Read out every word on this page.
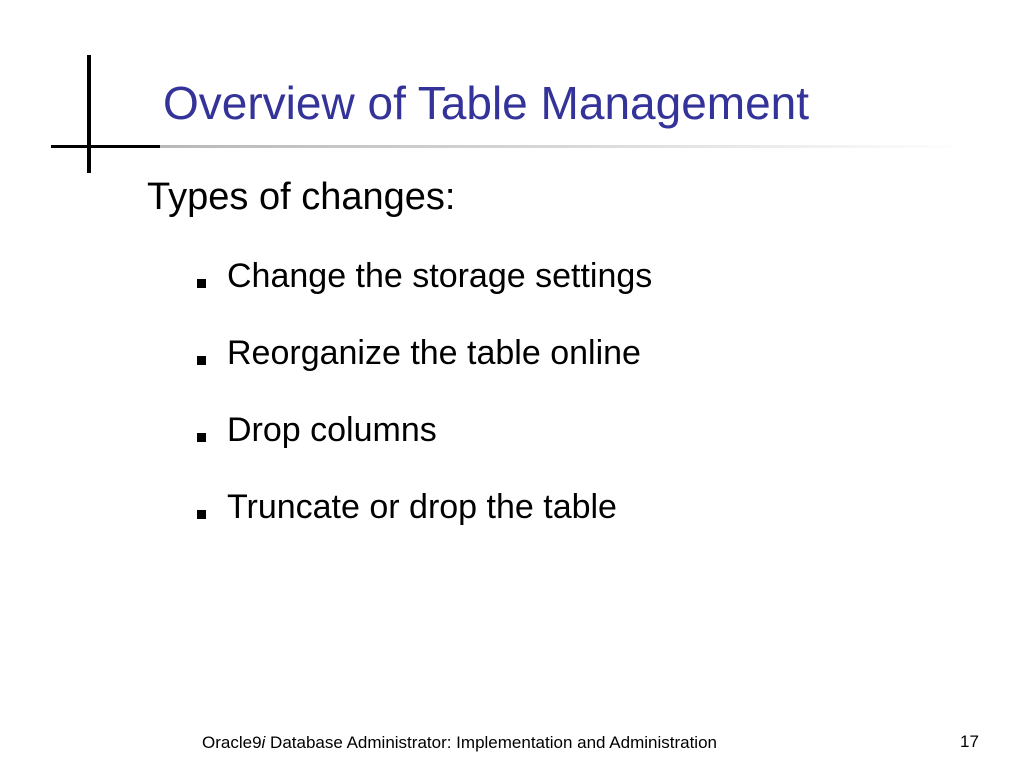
Overview of Table Management
Types of changes:
Change the storage settings
Reorganize the table online
Drop columns
Truncate or drop the table
Oracle9i Database Administrator: Implementation and Administration	17
